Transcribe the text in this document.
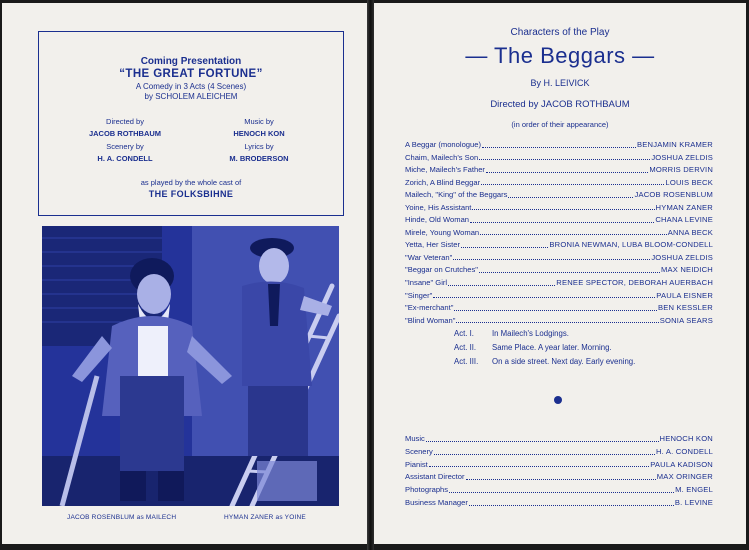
Coming Presentation
“THE GREAT FORTUNE”
A Comedy in 3 Acts (4 Scenes)
by SCHOLEM ALEICHEM
Directed by
JACOB ROTHBAUM
Music by
HENOCH KON
Scenery by
H. A. CONDELL
Lyrics by
M. BRODERSON
as played by the whole cast of
THE FOLKSBIHNE
JACOB ROSENBLUM as MAILECH	HYMAN ZANER as YOINE
Characters of the Play
— The Beggars —
By H. LEIVICK
Directed by JACOB ROTHBAUM
(in order of their appearance)
A Beggar (monologue)	BENJAMIN KRAMER
Chaim, Mailech's Son	JOSHUA ZELDIS
Miche, Mailech's Father	MORRIS DERVIN
Zorich, A Blind Beggar	LOUIS BECK
Mailech, "King" of the Beggars	JACOB ROSENBLUM
Yoine, His Assistant	HYMAN ZANER
Hinde, Old Woman	CHANA LEVINE
Mirele, Young Woman	ANNA BECK
Yetta, Her Sister	BRONIA NEWMAN, LUBA BLOOM-CONDELL
"War Veteran"	JOSHUA ZELDIS
"Beggar on Crutches"	MAX NEIDICH
"Insane" Girl	RENEE SPECTOR, DEBORAH AUERBACH
"Singer"	PAULA EISNER
"Ex-merchant"	BEN KESSLER
"Blind Woman"	SONIA SEARS
Act. I. In Mailech's Lodgings.
Act. II. Same Place. A year later. Morning.
Act. III. On a side street. Next day. Early evening.
Music	HENOCH KON
Scenery	H. A. CONDELL
Pianist	PAULA KADISON
Assistant Director	MAX ORINGER
Photographs	M. ENGEL
Business Manager	B. LEVINE
